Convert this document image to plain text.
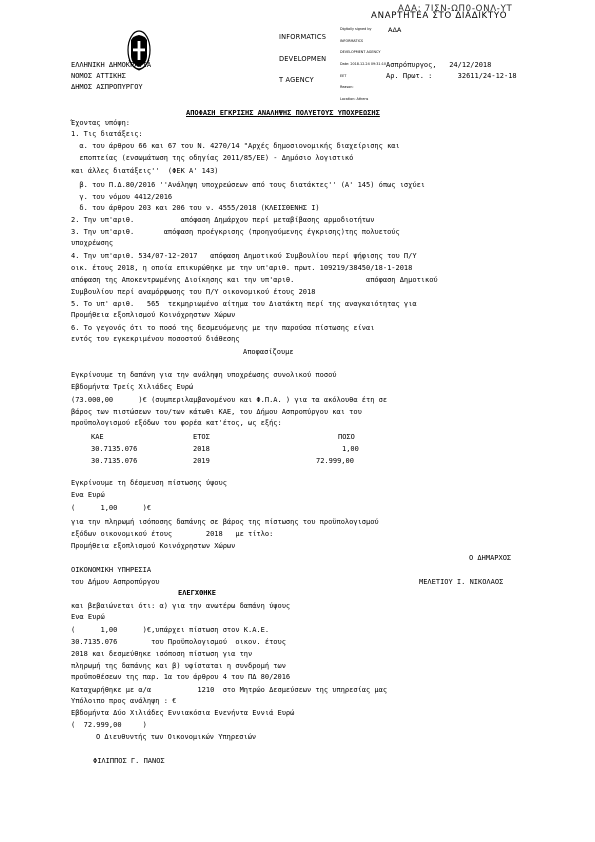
INFORMATICS

DEVELOPMEN

T AGENCY

Digitally signed by

INFORMATICS

DEVELOPMENT AGENCY

Date: 2018.12.24 09:31:10

EET

Reason:

Location: Athens

ΑΝΑΡΤΗΤΕΑ ΣΤΟ ΔΙΑΔΙΚΤΥΟ
ΑΔΑ: 7ΙΣΝ-ΩΠ0-ΟΝΛ-ΥΤ
ΑΔΑ
ΕΛΛΗΝΙΚΗ ΔΗΜΟΚΡΑΤΙΑ
ΝΟΜΟΣ ΑΤΤΙΚΗΣ
ΔΗΜΟΣ ΑΣΠΡΟΠΥΡΓΟΥ
Ασπρόπυργος,   24/12/2018
Αρ. Πρωτ. :      32611/24-12-18
ΑΠΟΦΑΣΗ ΕΓΚΡΙΣΗΣ ΑΝΑΛΗΨΗΣ ΠΟΛΥΕΤΟΥΣ ΥΠΟΧΡΕΩΣΗΣ
Έχοντας υπόψη:
1. Τις διατάξεις:
α. του άρθρου 66 και 67 του Ν. 4270/14 "Αρχές δημοσιονομικής διαχείρισης και
εποπτείας (ενσωμάτωση της οδηγίας 2011/85/ΕΕ) - Δημόσιο λογιστικό
και άλλες διατάξεις''  (ΦΕΚ Α' 143)
β. του Π.Δ.80/2016 ''Ανάληψη υποχρεώσεων από τους διατάκτες'' (Α' 145) όπως ισχύει
γ. του νόμου 4412/2016
δ. του άρθρου 203 και 206 του ν. 4555/2018 (ΚΛΕΙΣΘΕΝΗΣ Ι)
2. Την υπ'αριθ.           απόφαση Δημάρχου περί μεταβίβασης αρμοδιοτήτων
3. Την υπ'αριθ.       απόφαση προέγκρισης (προηγούμενης έγκρισης)της πολυετούς
υποχρέωσης
4. Την υπ'αριθ. 534/07-12-2017   απόφαση Δημοτικού Συμβουλίου περί ψήφισης του Π/Υ
οικ. έτους 2018, η οποία επικυρώθηκε με την υπ'αριθ. πρωτ. 109219/38450/18-1-2018
απόφαση της Αποκεντρωμένης Διοίκησης και την υπ'αριθ.                 απόφαση Δημοτικού
Συμβουλίου περί αναμόρφωσης του Π/Υ οικονομικού έτους 2018
5. Το υπ' αριθ.   565  τεκμηριωμένο αίτημα του Διατάκτη περί της αναγκαιότητας για
Προμήθεια εξοπλισμού Κοινόχρηστων Χώρων
6. Το γεγονός ότι το ποσό της δεσμευόμενης με την παρούσα πίστωσης είναι
εντός του εγκεκριμένου ποσοστού διάθεσης
Αποφασίζουμε
Εγκρίνουμε τη δαπάνη για την ανάληψη υποχρέωσης συνολικού ποσού
Εβδομήντα Τρείς Χιλιάδες Ευρώ
(73.000,00      )€ (συμπεριλαμβανομένου και Φ.Π.Α. ) για τα ακόλουθα έτη σε
βάρος των πιστώσεων του/των κάτωθι ΚΑΕ, του Δήμου Ασπροπύργου και του
προϋπολογισμού εξόδων του φορέα κατ'έτος, ως εξής:
ΚΑΕ	ΕΤΟΣ	ΠΟΣΟ
30.7135.076	2018	1,00
30.7135.076	2019	72.999,00
Εγκρίνουμε τη δέσμευση πίστωσης ύψους
Ενα Ευρώ
(      1,00      )€
για την πληρωμή ισόποσης δαπάνης σε βάρος της πίστωσης του προϋπολογισμού
εξόδων οικονομικού έτους        2018   με τίτλο:
Προμήθεια εξοπλισμού Κοινόχρηστων Χώρων
Ο ΔΗΜΑΡΧΟΣ
ΟΙΚΟΝΟΜΙΚΗ ΥΠΗΡΕΣΙΑ
του Δήμου Ασπροπύργου	ΜΕΛΕΤΙΟΥ Ι. ΝΙΚΟΛΑΟΣ
ΕΛΕΓΧΘΗΚΕ
και βεβαιώνεται ότι: α) για την ανωτέρω δαπάνη ύψους
Ενα Ευρώ
(      1,00      )€,υπάρχει πίστωση στον Κ.Α.Ε.
30.7135.076        του Προϋπολογισμού  οικον. έτους
2018 και δεσμεύθηκε ισόποση πίστωση για την
πληρωμή της δαπάνης και β) υφίσταται η συνδρομή των
προϋποθέσεων της παρ. 1α του άρθρου 4 του ΠΔ 80/2016
Καταχωρήθηκε με α/α           1210  στο Μητρώο Δεσμεύσεων της υπηρεσίας μας
Υπόλοιπο προς ανάληψη : €
Εβδομήντα Δύο Χιλιάδες Εννιακόσια Ενενήντα Εννιά Ευρώ
(  72.999,00     )
Ο Διευθυντής των Οικονομικών Υπηρεσιών
ΦΙΛΙΠΠΟΣ Γ. ΠΑΝΟΣ
